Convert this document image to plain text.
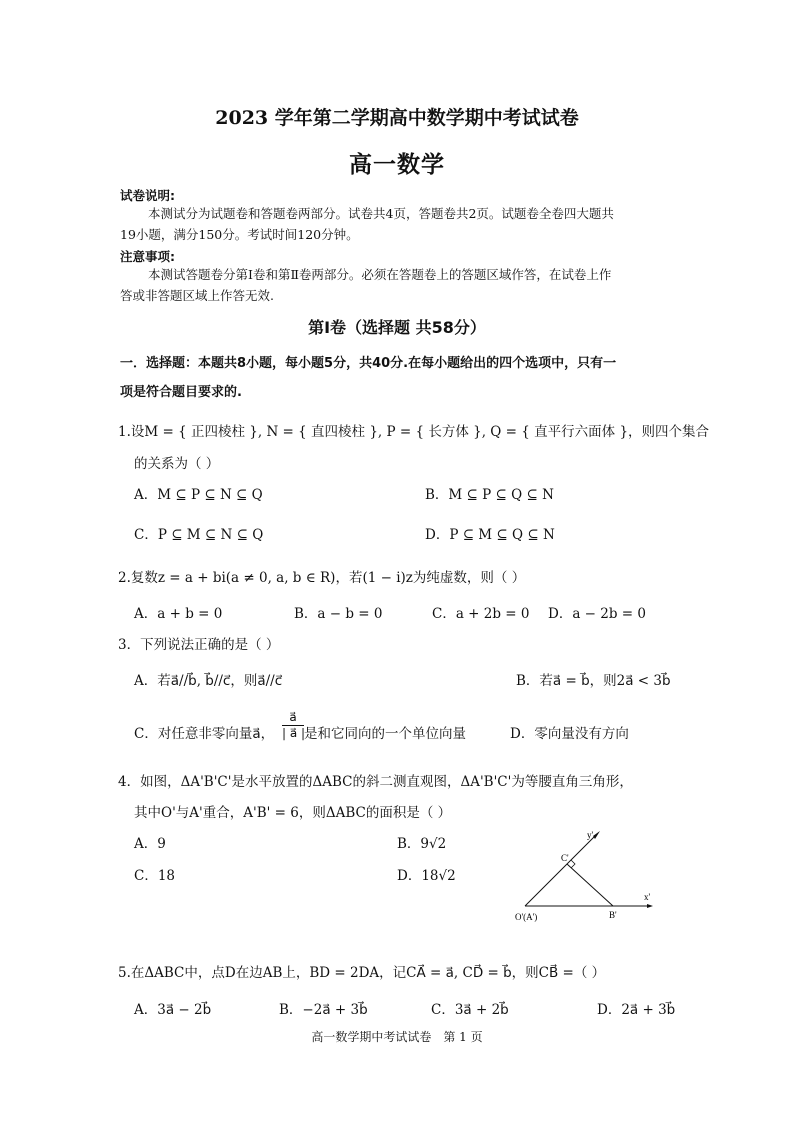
2023 学年第二学期高中数学期中考试试卷
高一数学
试卷说明:
本测试分为试题卷和答题卷两部分。试卷共4页，答题卷共2页。试题卷全卷四大题共
19小题，满分150分。考试时间120分钟。
注意事项:
本测试答题卷分第Ⅰ卷和第Ⅱ卷两部分。必须在答题卷上的答题区域作答，在试卷上作
答或非答题区域上作答无效.
第Ⅰ卷（选择题 共58分）
一．选择题：本题共8小题，每小题5分，共40分.在每小题给出的四个选项中，只有一
项是符合题目要求的.
1.设M = { 正四棱柱 }, N = { 直四棱柱 }, P = { 长方体 }, Q = { 直平行六面体 }，则四个集合
的关系为（ ）
A．M ⊆ P ⊆ N ⊆ Q	B．M ⊆ P ⊆ Q ⊆ N
C．P ⊆ M ⊆ N ⊆ Q	D．P ⊆ M ⊆ Q ⊆ N
2.复数z = a + bi(a ≠ 0, a, b ∈ R)，若(1 − i)z为纯虚数，则（ ）
A．a + b = 0	B．a − b = 0	C．a + 2b = 0 D．a − 2b = 0
3．下列说法正确的是（ ）
A．若a⃗//b⃗, b⃗//c⃗，则a⃗//c⃗	B．若a⃗ = b⃗，则2a⃗ < 3b⃗
C．对任意非零向量a⃗， $\frac{a⃗}{| a⃗ |}$ 是和它同向的一个单位向量	D．零向量没有方向
4．如图，ΔA'B'C'是水平放置的ΔABC的斜二测直观图，ΔA'B'C'为等腰直角三角形，
其中O'与A'重合，A'B' = 6，则ΔABC的面积是（ ）
A．9	B．9√2
C．18	D．18√2
y'
x'
C'
O'(A')	B'
5.在ΔABC中，点D在边AB上，BD = 2DA，记CA⃗ = a⃗, CD⃗ = b⃗，则CB⃗ =（ ）
A．3a⃗ − 2b⃗	B．−2a⃗ + 3b⃗	C．3a⃗ + 2b⃗	D．2a⃗ + 3b⃗
高一数学期中考试试卷　第 1 页
